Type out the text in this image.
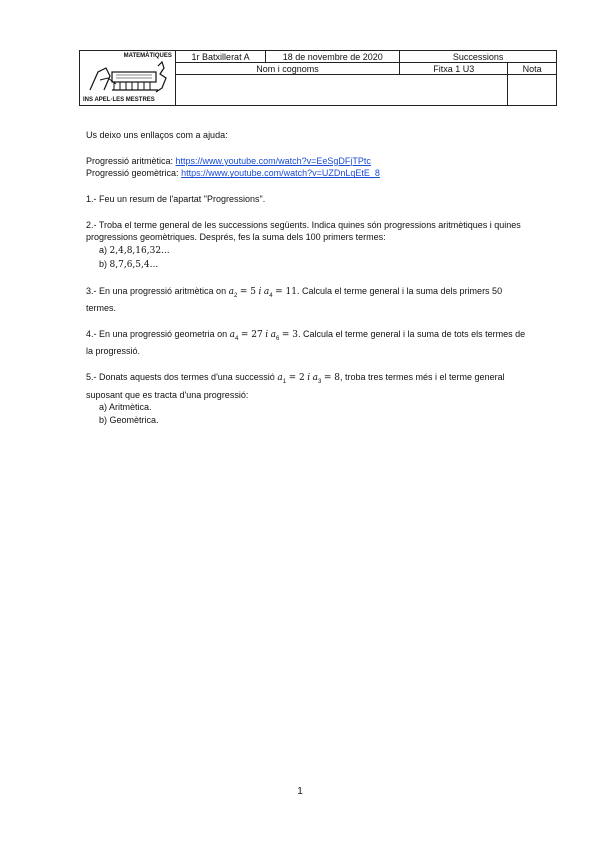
MATEMÀTIQUES
INS APEL·LES MESTRES	1r Batxillerat A	18 de novembre de 2020	Successions	
	Nom i cognoms		Fitxa 1 U3	Nota

Us deixo uns enllaços com a ajuda:

Progressió aritmètica: https://www.youtube.com/watch?v=EeSgDFjTPtc

Progressió geomètrica: https://www.youtube.com/watch?v=UZDnLqEtE_8

1.- Feu un resum de l'apartat "Progressions".

2.- Troba el terme general de les successions següents. Indica quines són progressions aritmètiques i quines progressions geomètriques. Després, fes la suma dels 100 primers termes:

a) 2,4,8,16,32...

b) 8,7,6,5,4...

3.- En una progressió aritmètica on $a_2 = 5$ i $a_4 = 11$. Calcula el terme general i la suma dels primers 50 termes.

4.- En una progressió geometria on $a_4 = 27$ i $a_6 = 3$. Calcula el terme general i la suma de tots els termes de la progressió.

5.- Donats aquests dos termes d'una successió $a_1 = 2$ i $a_3 = 8$, troba tres termes més i el terme general suposant que es tracta d'una progressió:

a) Aritmètica.

b) Geomètrica.

1
